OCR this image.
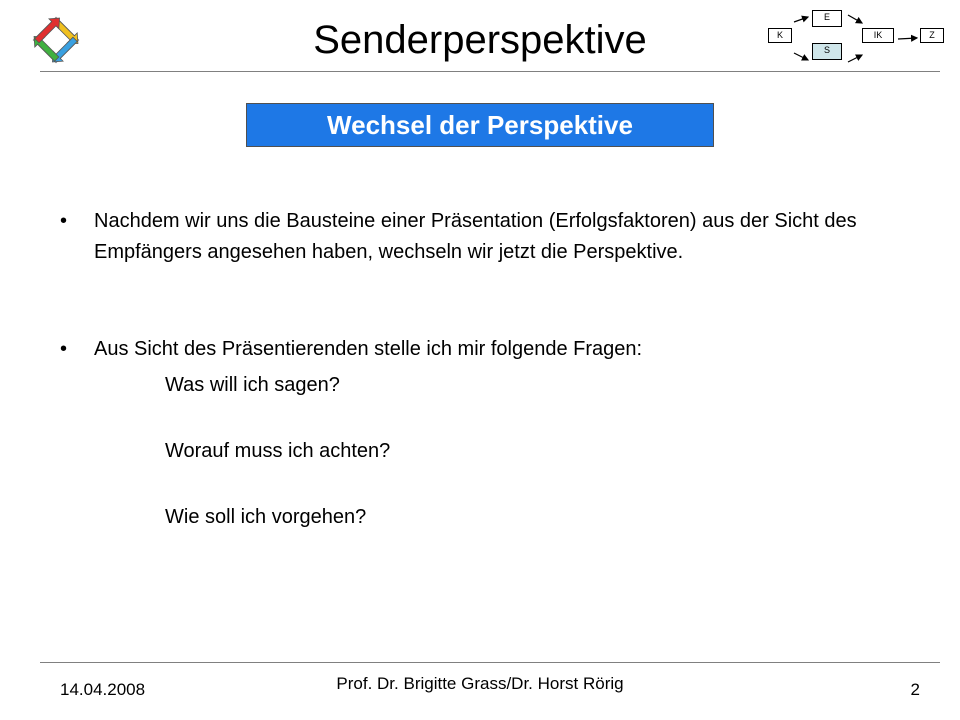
Senderperspektive	K
E
S
IK	Z
Wechsel der Perspektive
• Nachdem wir uns die Bausteine einer Präsentation (Erfolgsfaktoren) aus der Sicht des Empfängers angesehen haben, wechseln wir jetzt die Perspektive.
• Aus Sicht des Präsentierenden stelle ich mir folgende Fragen:
Was will ich sagen?
Worauf muss ich achten?
Wie soll ich vorgehen?
14.04.2008	Prof. Dr. Brigitte Grass/Dr. Horst Rörig	2
